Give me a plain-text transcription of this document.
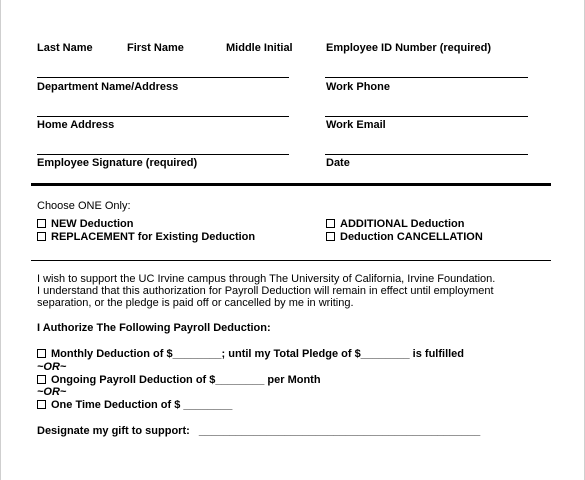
Last Name	First Name	Middle Initial	Employee ID Number (required)
Department Name/Address	Work Phone
Home Address	Work Email
Employee Signature (required)	Date
Choose ONE Only:
NEW Deduction
REPLACEMENT for Existing Deduction
ADDITIONAL Deduction
Deduction CANCELLATION
I wish to support the UC Irvine campus through The University of California, Irvine Foundation.
I understand that this authorization for Payroll Deduction will remain in effect until employment
separation, or the pledge is paid off or cancelled by me in writing.
I Authorize The Following Payroll Deduction:
Monthly Deduction of $________; until my Total Pledge of $________ is fulfilled
~OR~
Ongoing Payroll Deduction of $________ per Month
~OR~
One Time Deduction of $ ________
Designate my gift to support: ______________________________________________
